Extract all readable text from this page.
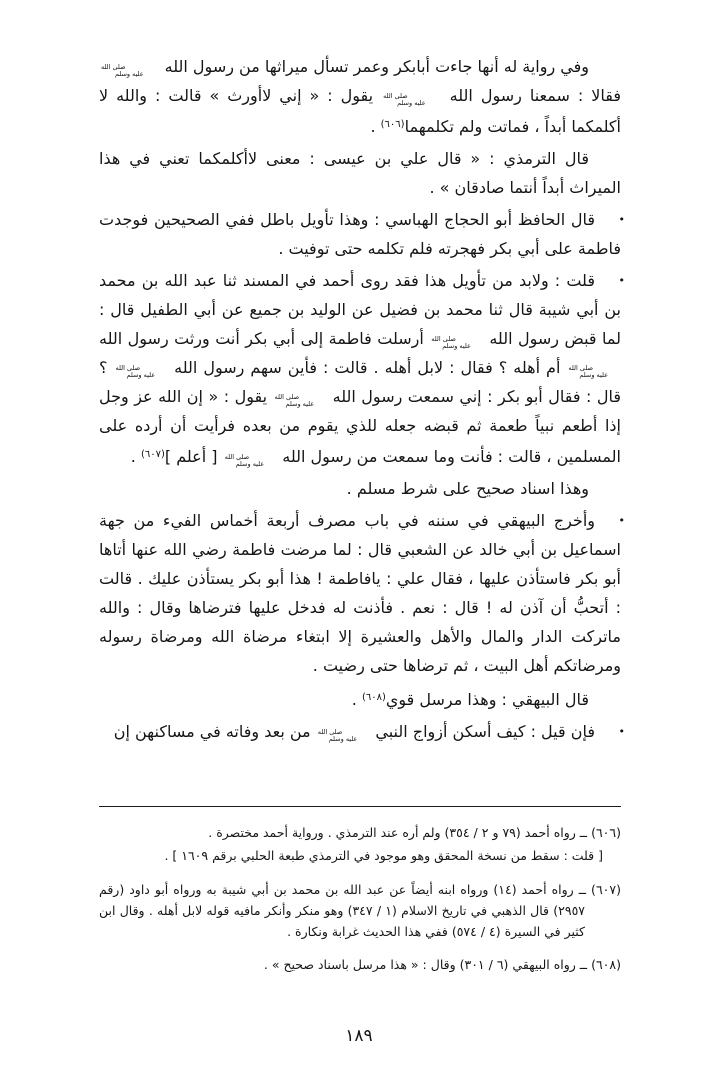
وفي رواية له أنها جاءت أبابكر وعمر تسأل ميراثها من رسول الله صلى الله
عليه وسلم فقالا : سمعنا رسول الله صلى الله
عليه وسلم يقول : « إني لاأورث » قالت : والله لا أكلمكما أبداً ، فماتت ولم تكلمهما$^{(٦٠٦)}$ .

قال الترمذي : « قال علي بن عيسى : معنى لاأكلمكما تعني في هذا الميراث أبداً أنتما صادقان » .

•
قال الحافظ أبو الحجاج الهباسي : وهذا تأويل باطل ففي الصحيحين فوجدت فاطمة على أبي بكر فهجرته فلم تكلمه حتى توفيت .

•
قلت : ولابد من تأويل هذا فقد روى أحمد في المسند ثنا عبد الله بن محمد بن أبي شيبة قال ثنا محمد بن فضيل عن الوليد بن جميع عن أبي الطفيل قال : لما قبض رسول الله صلى الله
عليه وسلم أرسلت فاطمة إلى أبي بكر أنت ورثت رسول الله صلى الله
عليه وسلم أم أهله ؟ فقال : لابل أهله . قالت : فأين سهم رسول الله صلى الله
عليه وسلم ؟ قال : فقال أبو بكر : إني سمعت رسول الله صلى الله
عليه وسلم يقول : « إن الله عز وجل إذا أطعم نبياً طعمة ثم قبضه جعله للذي يقوم من بعده فرأيت أن أرده على المسلمين ، قالت : فأنت وما سمعت من رسول الله صلى الله
عليه وسلم [ أعلم ]$^{(٦٠٧)}$ .

وهذا اسناد صحيح على شرط مسلم .

•
وأخرج البيهقي في سننه في باب مصرف أربعة أخماس الفيء من جهة اسماعيل بن أبي خالد عن الشعبي قال : لما مرضت فاطمة رضي الله عنها أتاها أبو بكر فاستأذن عليها ، فقال علي : يافاطمة ! هذا أبو بكر يستأذن عليك . قالت : أتحبُّ أن آذن له ! قال : نعم . فأذنت له فدخل عليها فترضاها وقال : والله ماتركت الدار والمال والأهل والعشيرة إلا ابتغاء مرضاة الله ومرضاة رسوله ومرضاتكم أهل البيت ، ثم ترضاها حتى رضيت .

قال البيهقي : وهذا مرسل قوي$^{(٦٠٨)}$ .

•
فإن قيل : كيف أسكن أزواج النبي صلى الله
عليه وسلم من بعد وفاته في مساكنهن إن

(٦٠٦) ــ رواه أحمد (٧٩ و ٢ / ٣٥٤) ولم أره عند الترمذي . ورواية أحمد مختصرة .

[ قلت : سقط من نسخة المحقق وهو موجود في الترمذي طبعة الحلبي برقم ١٦٠٩ ] .

(٦٠٧) ــ رواه أحمد (١٤) ورواه ابنه أيضاً عن عبد الله بن محمد بن أبي شيبة به ورواه أبو داود (رقم ٢٩٥٧) قال الذهبي في تاريخ الاسلام (١ / ٣٤٧) وهو منكر وأنكر مافيه قوله لابل أهله . وقال ابن كثير في السيرة (٤ / ٥٧٤) ففي هذا الحديث غرابة ونكارة .

(٦٠٨) ــ رواه البيهقي (٦ / ٣٠١) وقال : « هذا مرسل باسناد صحيح » .

١٨٩
